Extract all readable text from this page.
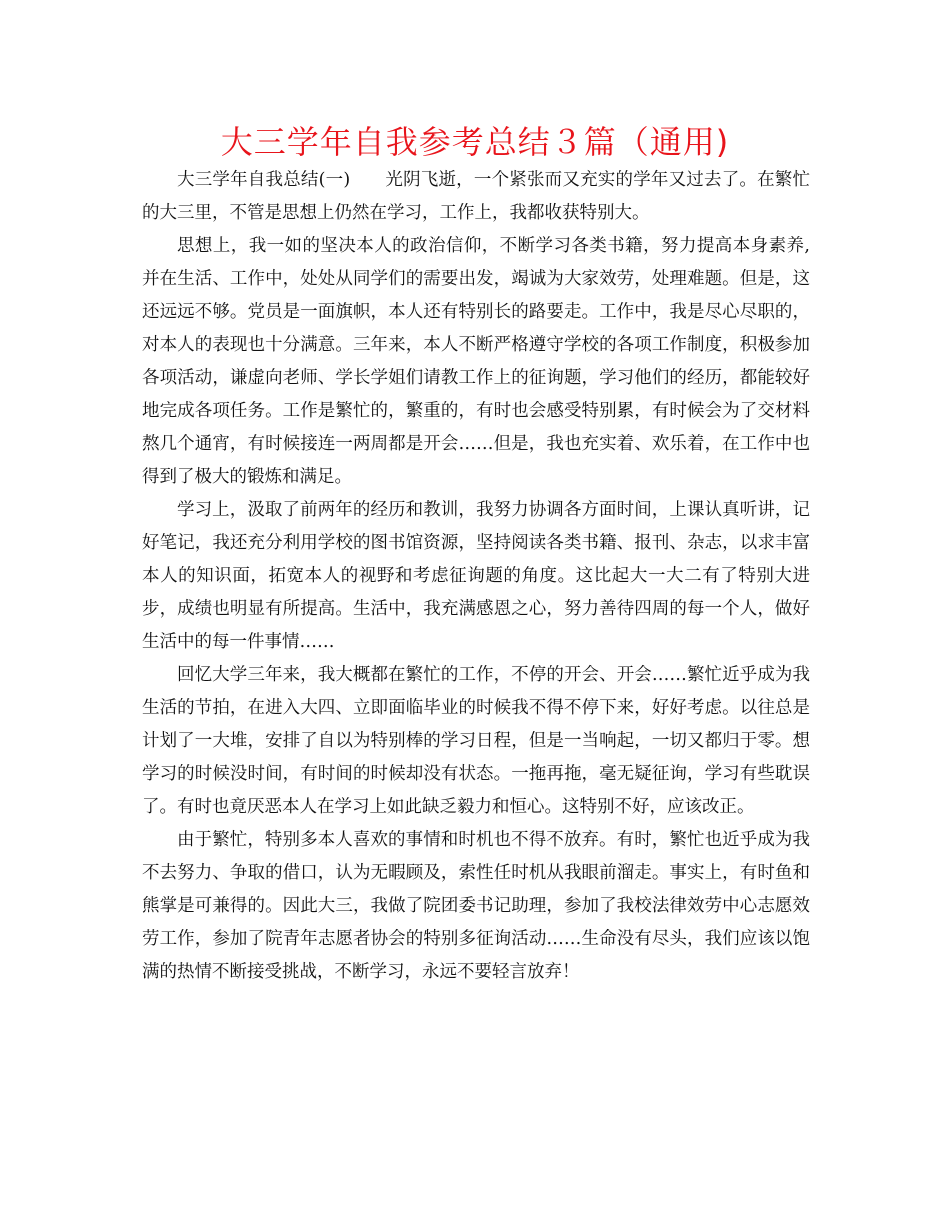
大三学年自我参考总结３篇（通用)

大三学年自我总结(一) 光阴飞逝，一个紧张而又充实的学年又过去了。在繁忙的大三里，不管是思想上仍然在学习，工作上，我都收获特别大。

思想上，我一如的坚决本人的政治信仰，不断学习各类书籍，努力提高本身素养,并在生活、工作中，处处从同学们的需要出发，竭诚为大家效劳，处理难题。但是，这还远远不够。党员是一面旗帜，本人还有特别长的路要走。工作中，我是尽心尽职的，对本人的表现也十分满意。三年来，本人不断严格遵守学校的各项工作制度，积极参加各项活动，谦虚向老师、学长学姐们请教工作上的征询题，学习他们的经历，都能较好地完成各项任务。工作是繁忙的，繁重的，有时也会感受特别累，有时候会为了交材料熬几个通宵，有时候接连一两周都是开会……但是，我也充实着、欢乐着，在工作中也得到了极大的锻炼和满足。

学习上，汲取了前两年的经历和教训，我努力协调各方面时间，上课认真听讲，记好笔记，我还充分利用学校的图书馆资源，坚持阅读各类书籍、报刊、杂志，以求丰富本人的知识面，拓宽本人的视野和考虑征询题的角度。这比起大一大二有了特别大进步，成绩也明显有所提高。生活中，我充满感恩之心，努力善待四周的每一个人，做好生活中的每一件事情……

回忆大学三年来，我大概都在繁忙的工作，不停的开会、开会……繁忙近乎成为我生活的节拍，在进入大四、立即面临毕业的时候我不得不停下来，好好考虑。以往总是计划了一大堆，安排了自以为特别棒的学习日程，但是一当响起，一切又都归于零。想学习的时候没时间，有时间的时候却没有状态。一拖再拖，毫无疑征询，学习有些耽误了。有时也竟厌恶本人在学习上如此缺乏毅力和恒心。这特别不好，应该改正。

由于繁忙，特别多本人喜欢的事情和时机也不得不放弃。有时，繁忙也近乎成为我不去努力、争取的借口，认为无暇顾及，索性任时机从我眼前溜走。事实上，有时鱼和熊掌是可兼得的。因此大三，我做了院团委书记助理，参加了我校法律效劳中心志愿效劳工作，参加了院青年志愿者协会的特别多征询活动……生命没有尽头，我们应该以饱满的热情不断接受挑战，不断学习，永远不要轻言放弃！
